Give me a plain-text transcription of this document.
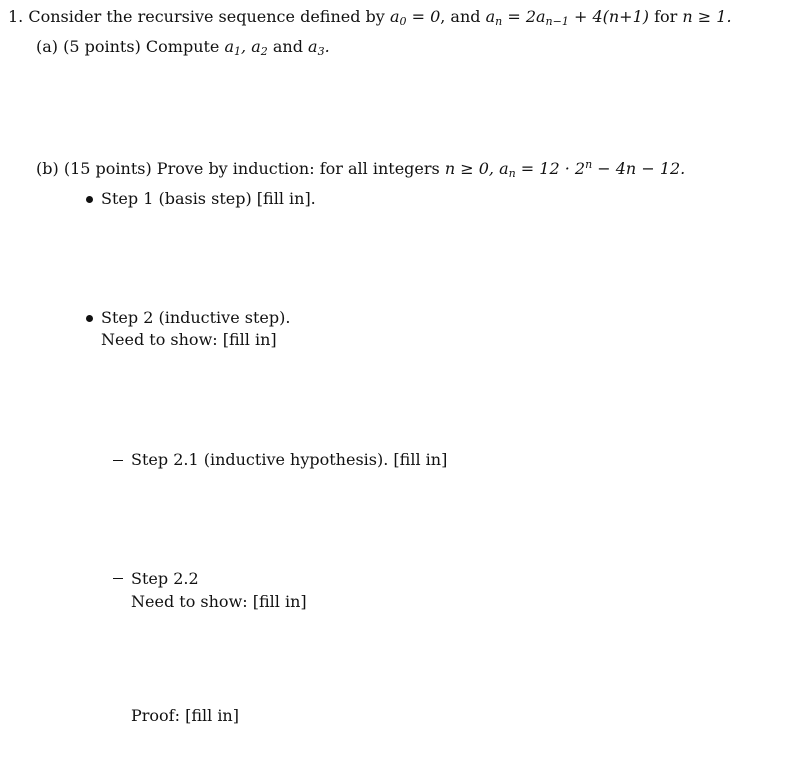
1. Consider the recursive sequence defined by $a_0 = 0$, and $a_n = 2a_{n-1} + 4(n+1)$ for n ≥ 1.
(a) (5 points) Compute $a_1$, $a_2$ and $a_3$.
(b) (15 points) Prove by induction: for all integers n ≥ 0, $a_n = 12 \cdot 2^n - 4n - 12$.
Step 1 (basis step) [fill in].
Step 2 (inductive step).
Need to show: [fill in]
Step 2.1 (inductive hypothesis). [fill in]
Step 2.2
Need to show: [fill in]
Proof: [fill in]
